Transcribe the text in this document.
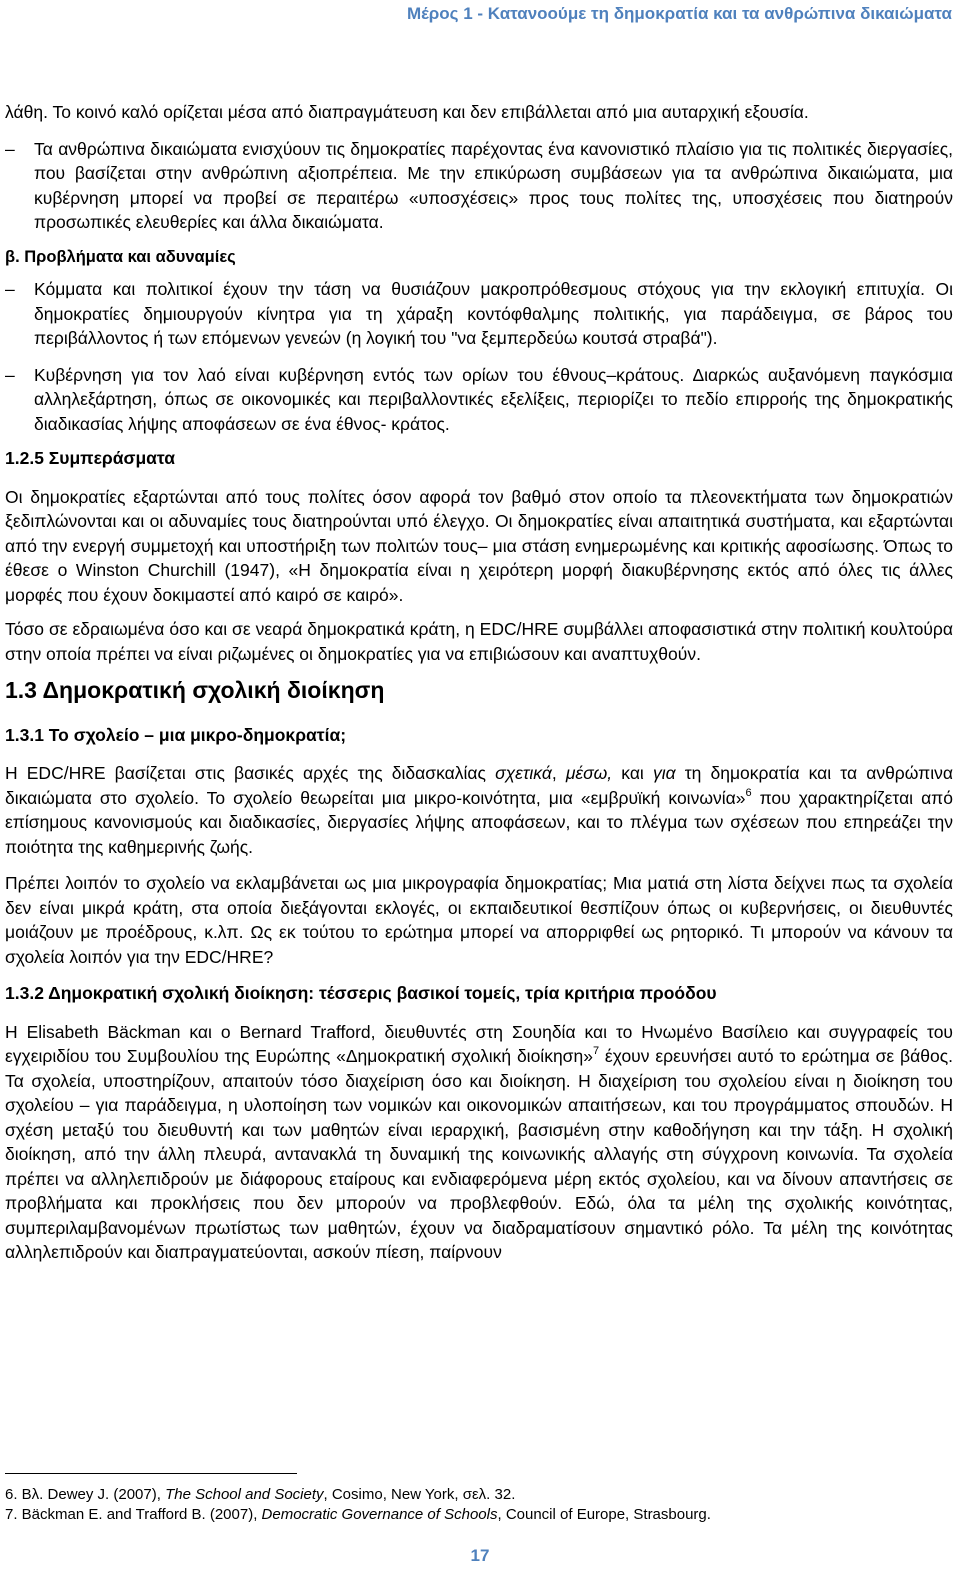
Μέρος 1 - Κατανοούμε τη δημοκρατία και τα ανθρώπινα δικαιώματα

λάθη. Το κοινό καλό ορίζεται μέσα από διαπραγμάτευση και δεν επιβάλλεται από μια αυταρχική εξουσία.

– Τα ανθρώπινα δικαιώματα ενισχύουν τις δημοκρατίες παρέχοντας ένα κανονιστικό πλαίσιο για τις πολιτικές διεργασίες, που βασίζεται στην ανθρώπινη αξιοπρέπεια. Με την επικύρωση συμβάσεων για τα ανθρώπινα δικαιώματα, μια κυβέρνηση μπορεί να προβεί σε περαιτέρω «υποσχέσεις» προς τους πολίτες της, υποσχέσεις που διατηρούν προσωπικές ελευθερίες και άλλα δικαιώματα.

β. Προβλήματα και αδυναμίες

– Κόμματα και πολιτικοί έχουν την τάση να θυσιάζουν μακροπρόθεσμους στόχους για την εκλογική επιτυχία. Οι δημοκρατίες δημιουργούν κίνητρα για τη χάραξη κοντόφθαλμης πολιτικής, για παράδειγμα, σε βάρος του περιβάλλοντος ή των επόμενων γενεών (η λογική του "να ξεμπερδεύω κουτσά στραβά").

– Κυβέρνηση για τον λαό είναι κυβέρνηση εντός των ορίων του έθνους–κράτους. Διαρκώς αυξανόμενη παγκόσμια αλληλεξάρτηση, όπως σε οικονομικές και περιβαλλοντικές εξελίξεις, περιορίζει το πεδίο επιρροής της δημοκρατικής διαδικασίας λήψης αποφάσεων σε ένα έθνος- κράτος.

1.2.5 Συμπεράσματα

Οι δημοκρατίες εξαρτώνται από τους πολίτες όσον αφορά τον βαθμό στον οποίο τα πλεονεκτήματα των δημοκρατιών ξεδιπλώνονται και οι αδυναμίες τους διατηρούνται υπό έλεγχο. Οι δημοκρατίες είναι απαιτητικά συστήματα, και εξαρτώνται από την ενεργή συμμετοχή και υποστήριξη των πολιτών τους– μια στάση ενημερωμένης και κριτικής αφοσίωσης. Όπως το έθεσε ο Winston Churchill (1947), «Η δημοκρατία είναι η χειρότερη μορφή διακυβέρνησης εκτός από όλες τις άλλες μορφές που έχουν δοκιμαστεί από καιρό σε καιρό».

Τόσο σε εδραιωμένα όσο και σε νεαρά δημοκρατικά κράτη, η EDC/HRE συμβάλλει αποφασιστικά στην πολιτική κουλτούρα στην οποία πρέπει να είναι ριζωμένες οι δημοκρατίες για να επιβιώσουν και αναπτυχθούν.

1.3 Δημοκρατική σχολική διοίκηση

1.3.1 Το σχολείο – μια μικρο-δημοκρατία;

Η EDC/HRE βασίζεται στις βασικές αρχές της διδασκαλίας σχετικά, μέσω, και για τη δημοκρατία και τα ανθρώπινα δικαιώματα στο σχολείο. Το σχολείο θεωρείται μια μικρο-κοινότητα, μια «εμβρυϊκή κοινωνία»$^6$ που χαρακτηρίζεται από επίσημους κανονισμούς και διαδικασίες, διεργασίες λήψης αποφάσεων, και το πλέγμα των σχέσεων που επηρεάζει την ποιότητα της καθημερινής ζωής.

Πρέπει λοιπόν το σχολείο να εκλαμβάνεται ως μια μικρογραφία δημοκρατίας; Μια ματιά στη λίστα δείχνει πως τα σχολεία δεν είναι μικρά κράτη, στα οποία διεξάγονται εκλογές, οι εκπαιδευτικοί θεσπίζουν όπως οι κυβερνήσεις, οι διευθυντές μοιάζουν με προέδρους, κ.λπ. Ως εκ τούτου το ερώτημα μπορεί να απορριφθεί ως ρητορικό. Τι μπορούν να κάνουν τα σχολεία λοιπόν για την EDC/HRE?

1.3.2 Δημοκρατική σχολική διοίκηση: τέσσερις βασικοί τομείς, τρία κριτήρια προόδου

Η Elisabeth Bäckman και ο Bernard Trafford, διευθυντές στη Σουηδία και το Ηνωμένο Βασίλειο και συγγραφείς του εγχειριδίου του Συμβουλίου της Ευρώπης «Δημοκρατική σχολική διοίκηση»$^7$ έχουν ερευνήσει αυτό το ερώτημα σε βάθος. Τα σχολεία, υποστηρίζουν, απαιτούν τόσο διαχείριση όσο και διοίκηση. Η διαχείριση του σχολείου είναι η διοίκηση του σχολείου – για παράδειγμα, η υλοποίηση των νομικών και οικονομικών απαιτήσεων, και του προγράμματος σπουδών. Η σχέση μεταξύ του διευθυντή και των μαθητών είναι ιεραρχική, βασισμένη στην καθοδήγηση και την τάξη. Η σχολική διοίκηση, από την άλλη πλευρά, αντανακλά τη δυναμική της κοινωνικής αλλαγής στη σύγχρονη κοινωνία. Τα σχολεία πρέπει να αλληλεπιδρούν με διάφορους εταίρους και ενδιαφερόμενα μέρη εκτός σχολείου, και να δίνουν απαντήσεις σε προβλήματα και προκλήσεις που δεν μπορούν να προβλεφθούν. Εδώ, όλα τα μέλη της σχολικής κοινότητας, συμπεριλαμβανομένων πρωτίστως των μαθητών, έχουν να διαδραματίσουν σημαντικό ρόλο. Τα μέλη της κοινότητας αλληλεπιδρούν και διαπραγματεύονται, ασκούν πίεση, παίρνουν

6. Βλ. Dewey J. (2007), The School and Society, Cosimo, New York, σελ. 32.

7. Bäckman E. and Trafford B. (2007), Democratic Governance of Schools, Council of Europe, Strasbourg.

17
